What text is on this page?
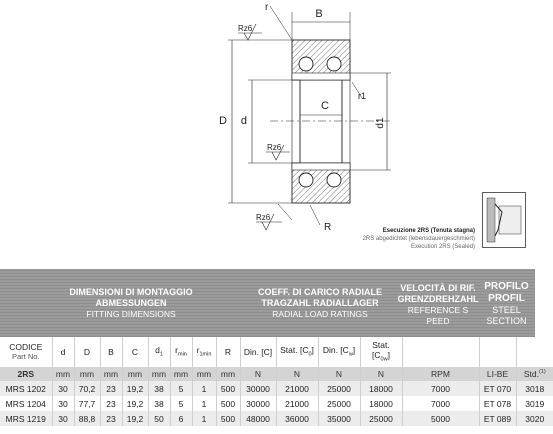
B
r
Rz6
D d
C
r1
d1
Rz6
Rz6
R	Esecuzione 2RS (Tenuta stagna)
2RS abgedichtet (lebensdauergeschmiert)
Execution 2RS (Sealed)
DIMENSIONI DI MONTAGGIO
ABMESSUNGEN
FITTING DIMENSIONS
COEFF. DI CARICO RADIALE
TRAGZAHL RADIALLAGER
RADIAL LOAD RATINGS
VELOCITÀ DI RIF.
GRENZDREHZAHL
REFERENCE S
PEED
PROFILO
PROFIL
STEEL
SECTION
CODICE
Part No.	d	D	B	C	$d_1$	$r_{min}$	$r_{1min}$	R	Din. [C]	Stat. $[C_0]$	Din. $[C_w]$	Stat.
$[C_{0w}]$			
2RS	mm	mm	mm	mm	mm	mm	mm	mm	N	N	N	N	RPM	LI-BE	Std.$^{(1)}$
MRS 1202	30	70,2	23	19,2	38	5	1	500	30000	21000	25000	18000	7000	ET 070	3018
MRS 1204	30	77,7	23	19,2	38	5	1	500	30000	21000	25000	18000	7000	ET 078	3019
MRS 1219	30	88,8	23	19,2	50	6	1	500	48000	36000	35000	25000	5000	ET 089	3020
